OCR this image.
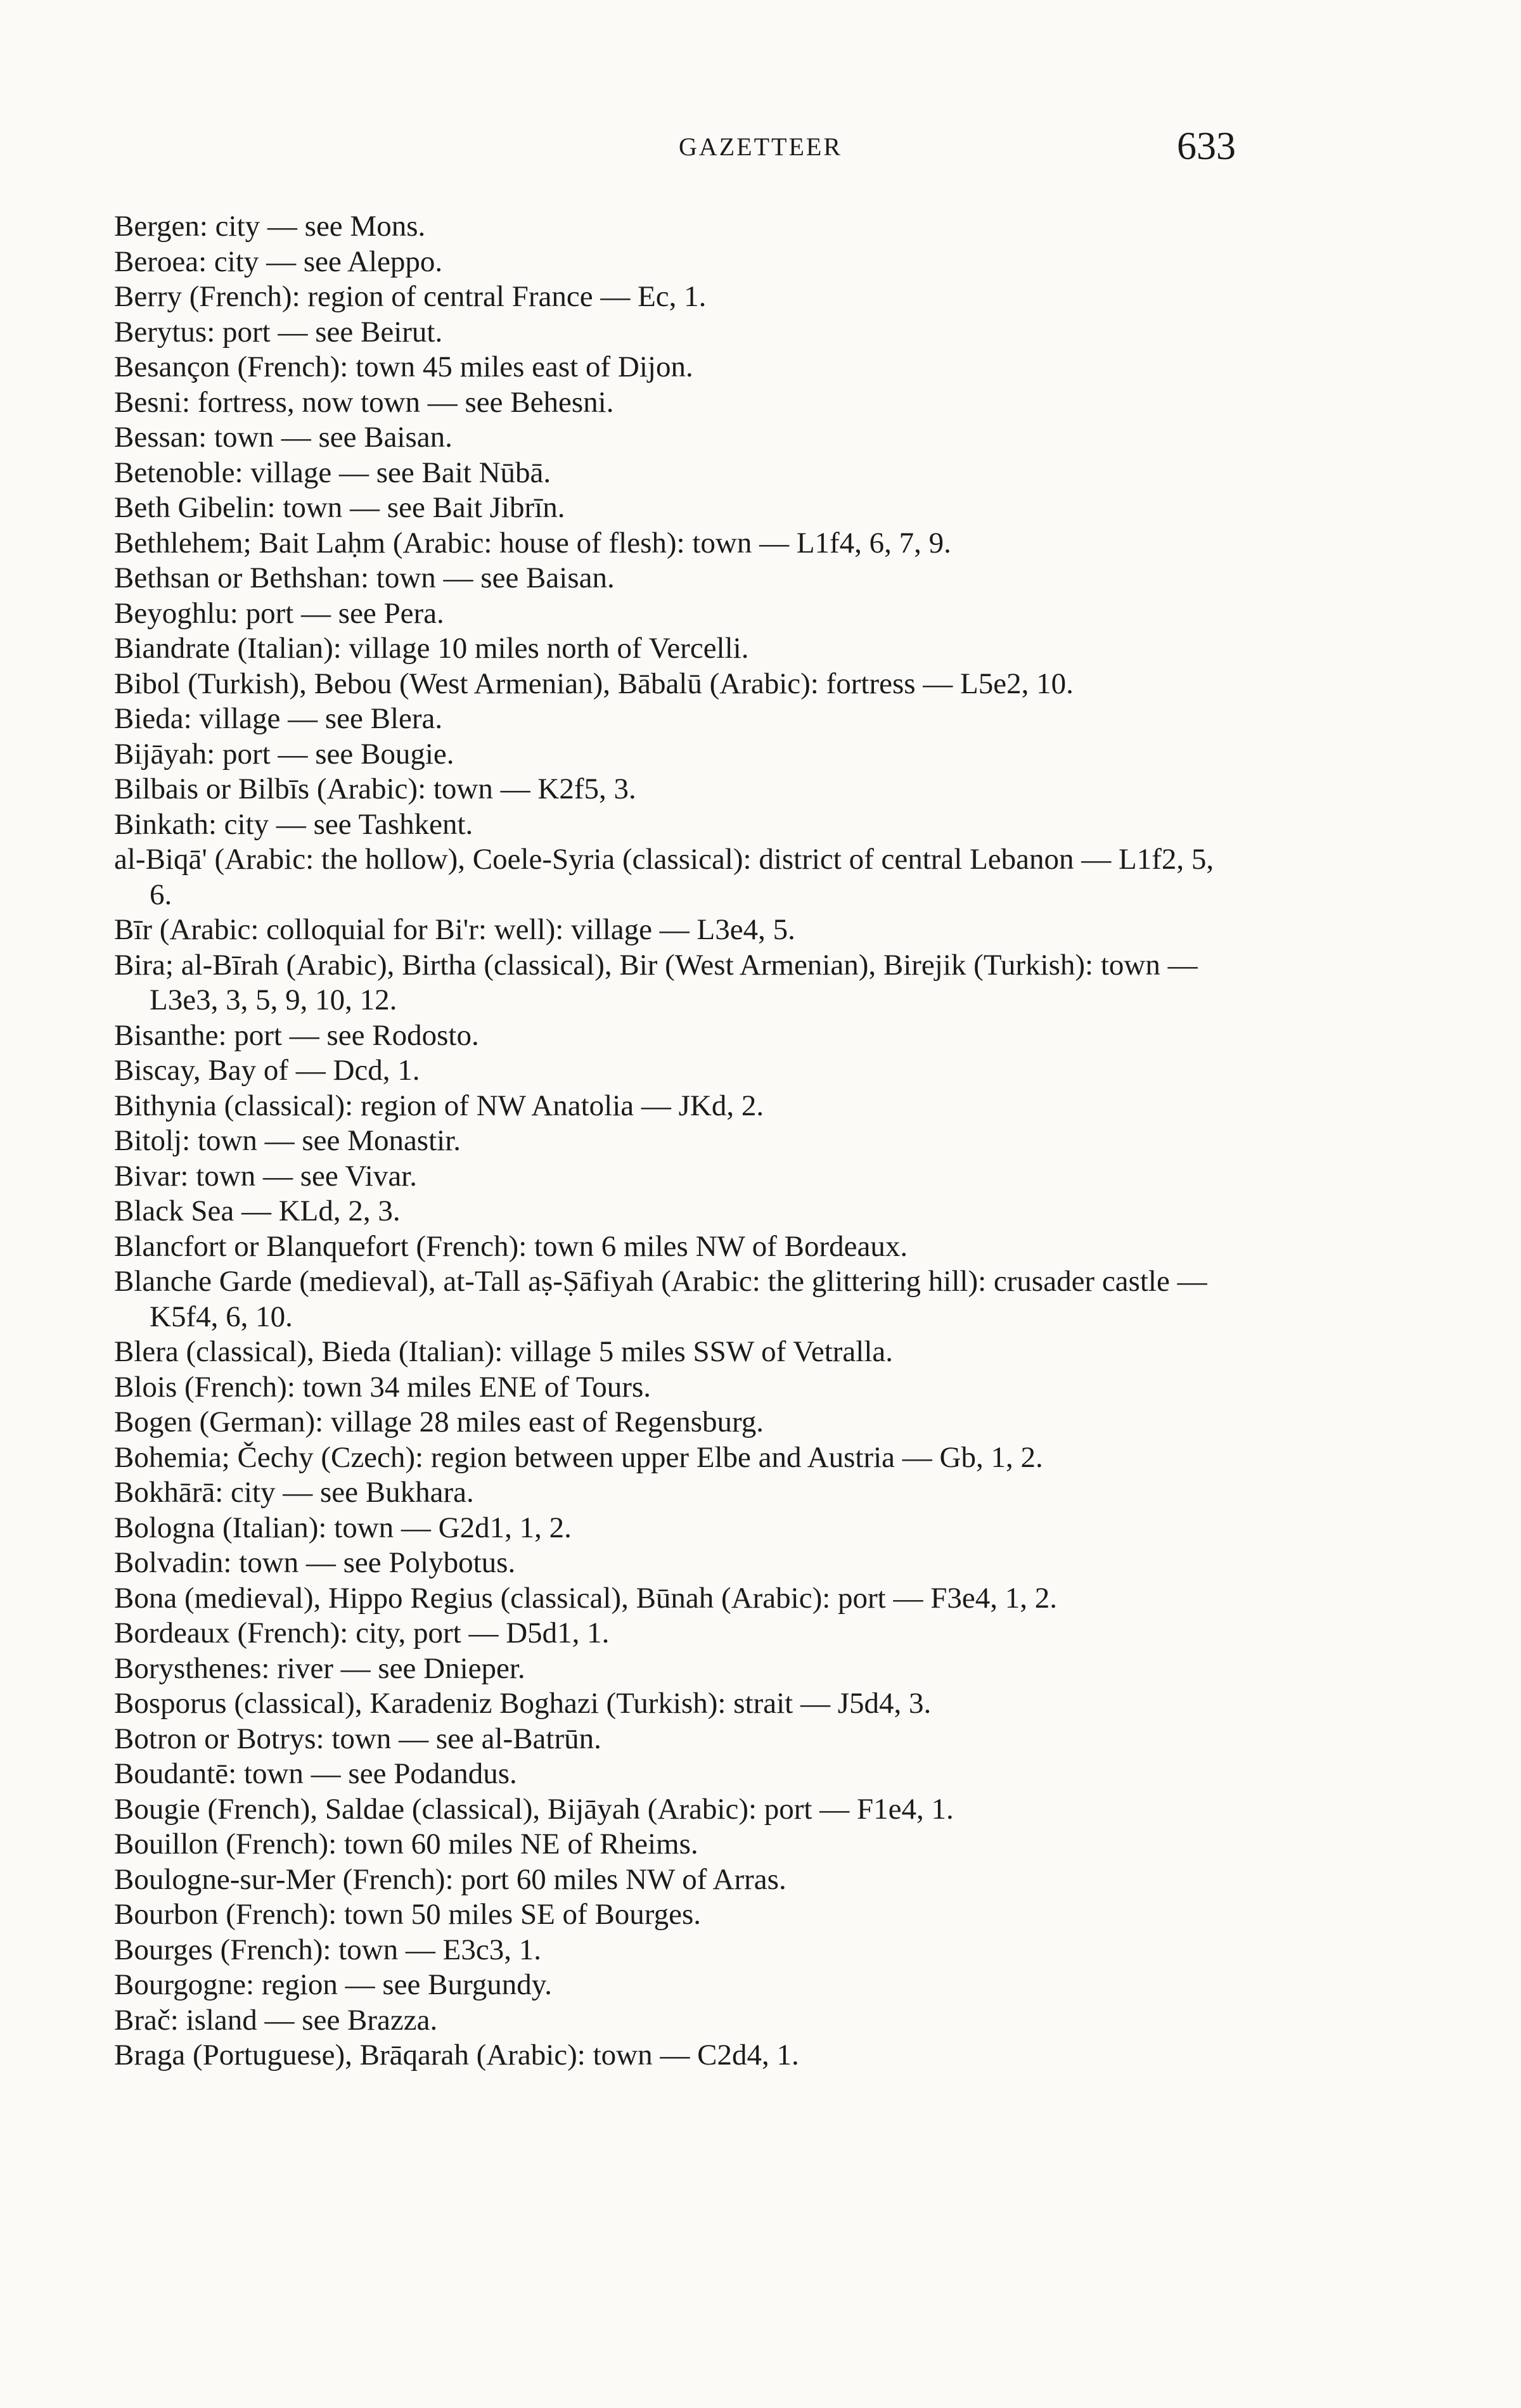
GAZETTEER	633
Bergen: city — see Mons.
Beroea: city — see Aleppo.
Berry (French): region of central France — Ec, 1.
Berytus: port — see Beirut.
Besançon (French): town 45 miles east of Dijon.
Besni: fortress, now town — see Behesni.
Bessan: town — see Baisan.
Betenoble: village — see Bait Nūbā.
Beth Gibelin: town — see Bait Jibrīn.
Bethlehem; Bait Laḥm (Arabic: house of flesh): town — L1f4, 6, 7, 9.
Bethsan or Bethshan: town — see Baisan.
Beyoghlu: port — see Pera.
Biandrate (Italian): village 10 miles north of Vercelli.
Bibol (Turkish), Bebou (West Armenian), Bābalū (Arabic): fortress — L5e2, 10.
Bieda: village — see Blera.
Bijāyah: port — see Bougie.
Bilbais or Bilbīs (Arabic): town — K2f5, 3.
Binkath: city — see Tashkent.
al-Biqā' (Arabic: the hollow), Coele-Syria (classical): district of central Lebanon — L1f2, 5, 6.
Bīr (Arabic: colloquial for Bi'r: well): village — L3e4, 5.
Bira; al-Bīrah (Arabic), Birtha (classical), Bir (West Armenian), Birejik (Turkish): town — L3e3, 3, 5, 9, 10, 12.
Bisanthe: port — see Rodosto.
Biscay, Bay of — Dcd, 1.
Bithynia (classical): region of NW Anatolia — JKd, 2.
Bitolj: town — see Monastir.
Bivar: town — see Vivar.
Black Sea — KLd, 2, 3.
Blancfort or Blanquefort (French): town 6 miles NW of Bordeaux.
Blanche Garde (medieval), at-Tall aṣ-Ṣāfiyah (Arabic: the glittering hill): crusader castle — K5f4, 6, 10.
Blera (classical), Bieda (Italian): village 5 miles SSW of Vetralla.
Blois (French): town 34 miles ENE of Tours.
Bogen (German): village 28 miles east of Regensburg.
Bohemia; Čechy (Czech): region between upper Elbe and Austria — Gb, 1, 2.
Bokhārā: city — see Bukhara.
Bologna (Italian): town — G2d1, 1, 2.
Bolvadin: town — see Polybotus.
Bona (medieval), Hippo Regius (classical), Būnah (Arabic): port — F3e4, 1, 2.
Bordeaux (French): city, port — D5d1, 1.
Borysthenes: river — see Dnieper.
Bosporus (classical), Karadeniz Boghazi (Turkish): strait — J5d4, 3.
Botron or Botrys: town — see al-Batrūn.
Boudantē: town — see Podandus.
Bougie (French), Saldae (classical), Bijāyah (Arabic): port — F1e4, 1.
Bouillon (French): town 60 miles NE of Rheims.
Boulogne-sur-Mer (French): port 60 miles NW of Arras.
Bourbon (French): town 50 miles SE of Bourges.
Bourges (French): town — E3c3, 1.
Bourgogne: region — see Burgundy.
Brač: island — see Brazza.
Braga (Portuguese), Brāqarah (Arabic): town — C2d4, 1.
